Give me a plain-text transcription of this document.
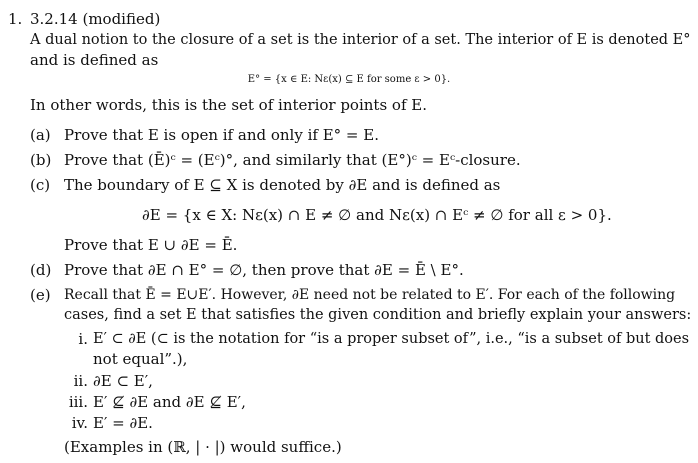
1. 3.2.14 (modified)
A dual notion to the closure of a set is the interior of a set. The interior of E is denoted E°
and is defined as
E° = {x ∈ E: Nε(x) ⊆ E for some ε > 0}.
In other words, this is the set of interior points of E.
(a) Prove that E is open if and only if E° = E.
(b) Prove that (Ē)ᶜ = (Eᶜ)°, and similarly that (E°)ᶜ = Eᶜ-closure.
(c) The boundary of E ⊆ X is denoted by ∂E and is defined as
∂E = {x ∈ X: Nε(x) ∩ E ≠ ∅ and Nε(x) ∩ Eᶜ ≠ ∅ for all ε > 0}.
Prove that E ∪ ∂E = Ē.
(d) Prove that ∂E ∩ E° = ∅, then prove that ∂E = Ē \ E°.
(e) Recall that Ē = E∪E′. However, ∂E need not be related to E′. For each of the following
cases, find a set E that satisfies the given condition and briefly explain your answers:
i. E′ ⊂ ∂E (⊂ is the notation for “is a proper subset of”, i.e., “is a subset of but does
not equal”.),
ii. ∂E ⊂ E′,
iii. E′ ⊈ ∂E and ∂E ⊈ E′,
iv. E′ = ∂E.
(Examples in (ℝ, | · |) would suffice.)
